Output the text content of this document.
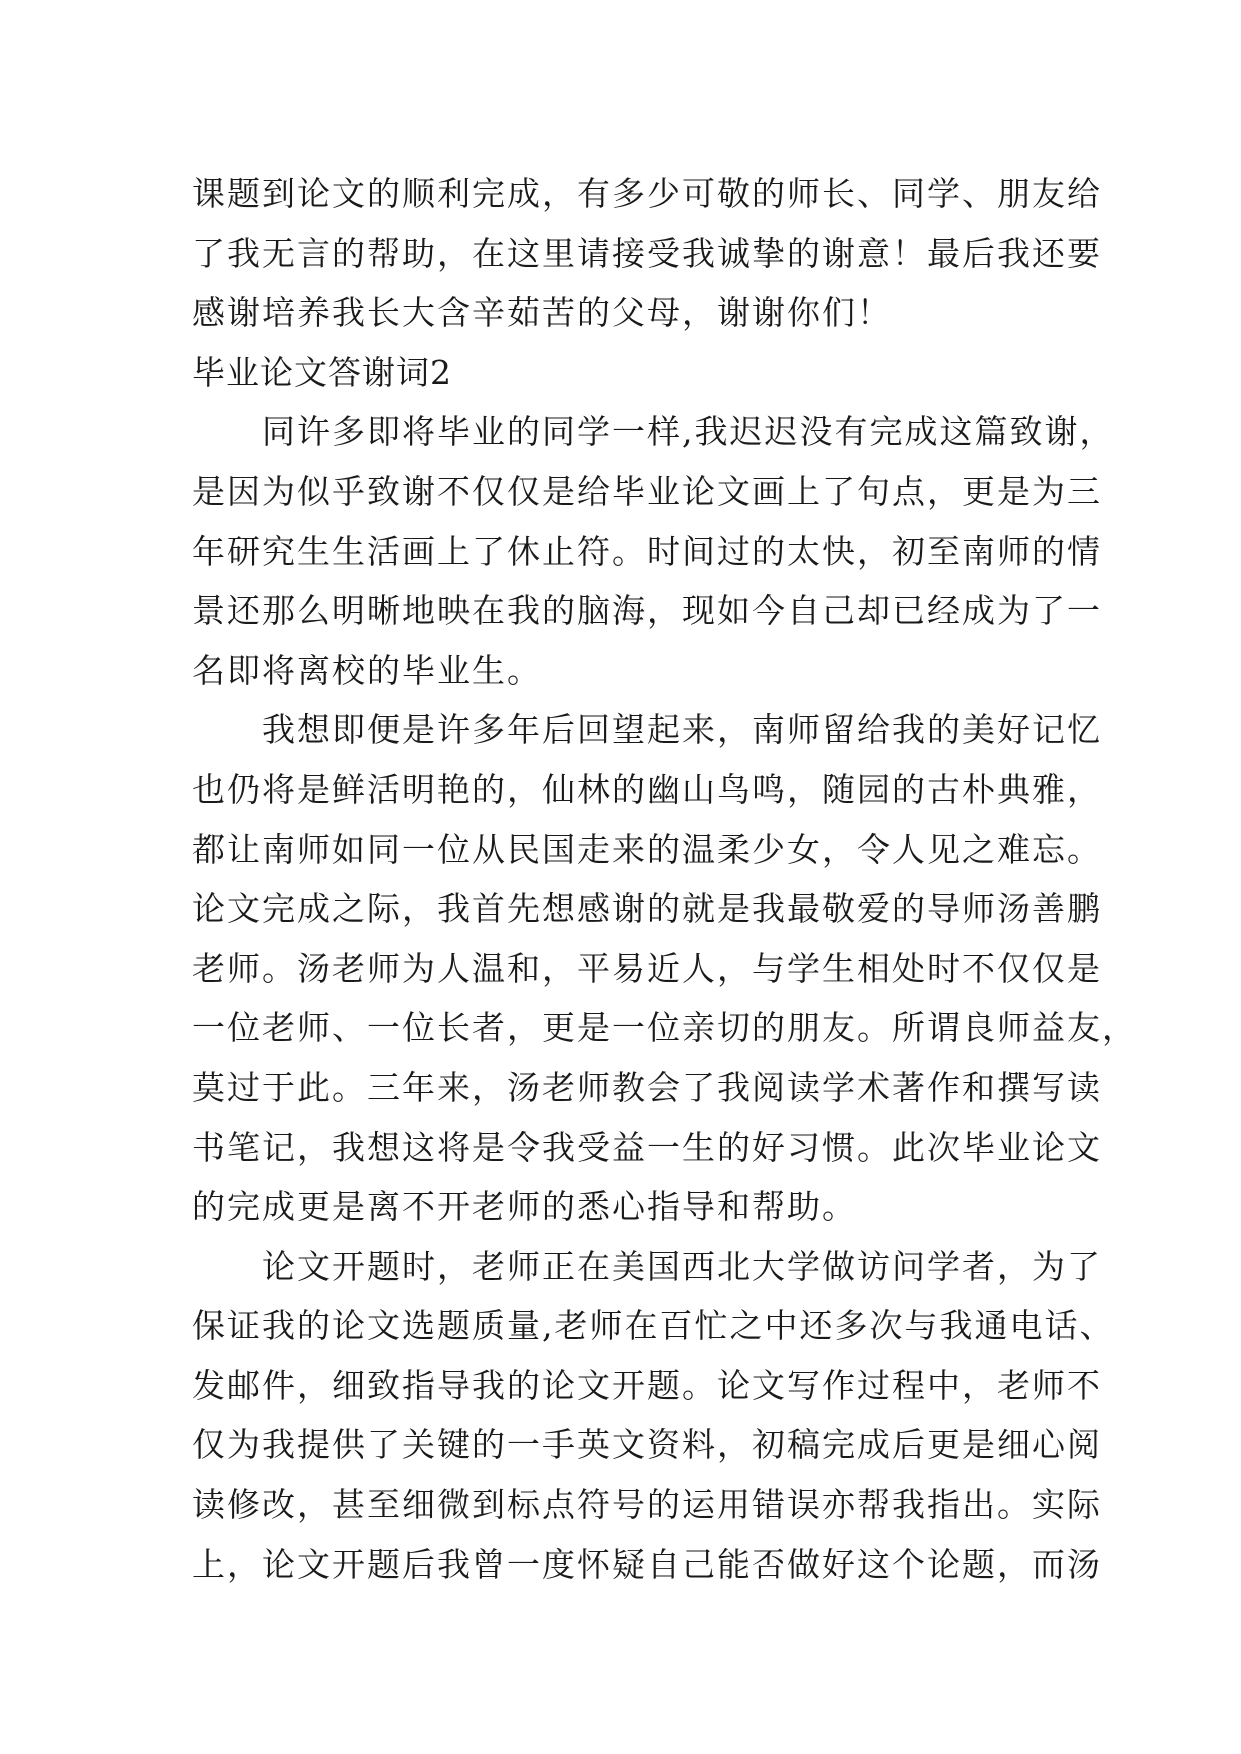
课题到论文的顺利完成，有多少可敬的师长、同学、朋友给
了我无言的帮助，在这里请接受我诚挚的谢意！最后我还要
感谢培养我长大含辛茹苦的父母，谢谢你们！
毕业论文答谢词2
　　同许多即将毕业的同学一样,我迟迟没有完成这篇致谢，
是因为似乎致谢不仅仅是给毕业论文画上了句点，更是为三
年研究生生活画上了休止符。时间过的太快，初至南师的情
景还那么明晰地映在我的脑海，现如今自己却已经成为了一
名即将离校的毕业生。
　　我想即便是许多年后回望起来，南师留给我的美好记忆
也仍将是鲜活明艳的，仙林的幽山鸟鸣，随园的古朴典雅，
都让南师如同一位从民国走来的温柔少女，令人见之难忘。
论文完成之际，我首先想感谢的就是我最敬爱的导师汤善鹏
老师。汤老师为人温和，平易近人，与学生相处时不仅仅是
一位老师、一位长者，更是一位亲切的朋友。所谓良师益友，
莫过于此。三年来，汤老师教会了我阅读学术著作和撰写读
书笔记，我想这将是令我受益一生的好习惯。此次毕业论文
的完成更是离不开老师的悉心指导和帮助。
　　论文开题时，老师正在美国西北大学做访问学者，为了
保证我的论文选题质量,老师在百忙之中还多次与我通电话、
发邮件，细致指导我的论文开题。论文写作过程中，老师不
仅为我提供了关键的一手英文资料，初稿完成后更是细心阅
读修改，甚至细微到标点符号的运用错误亦帮我指出。实际
上，论文开题后我曾一度怀疑自己能否做好这个论题，而汤
